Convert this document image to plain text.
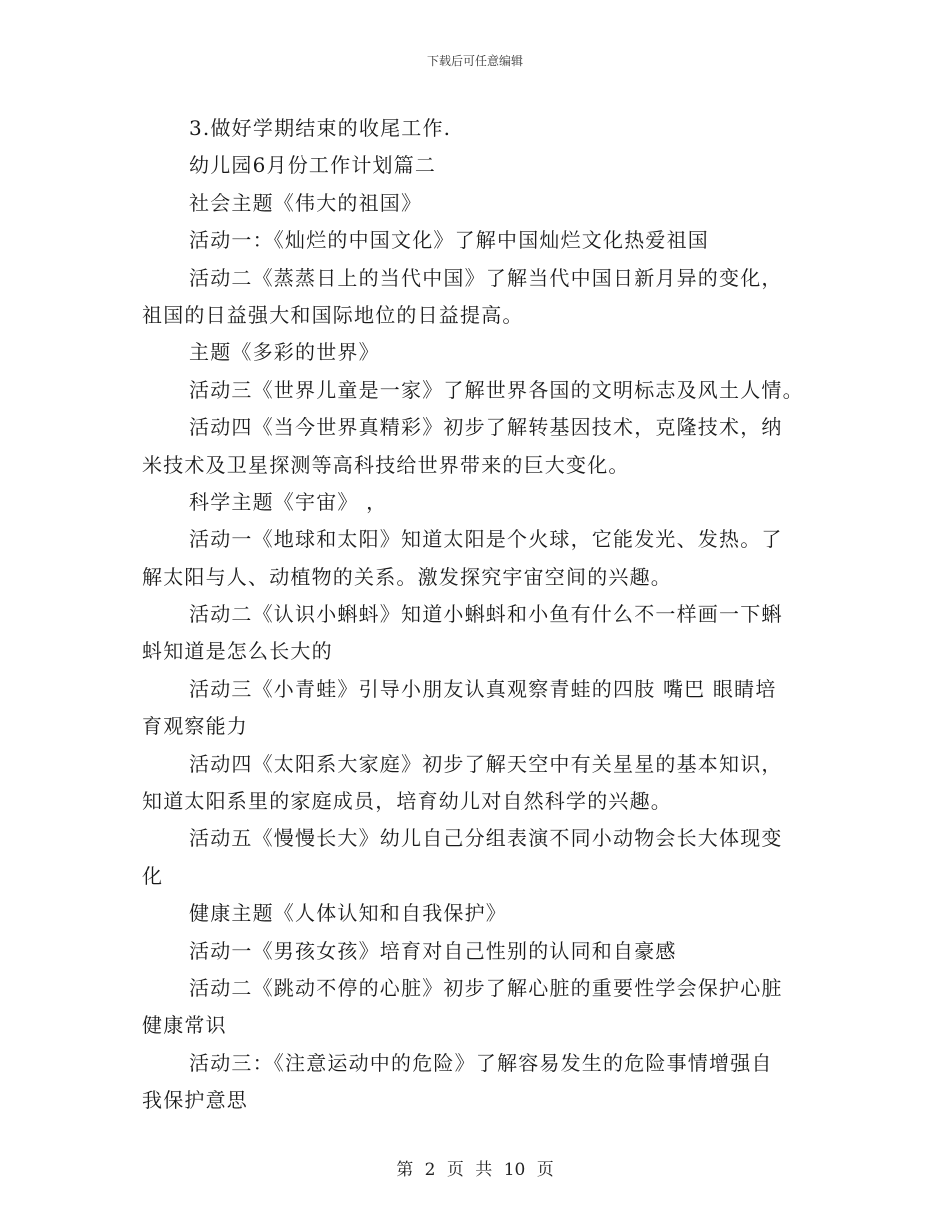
下载后可任意编辑
3.做好学期结束的收尾工作.
幼儿园6月份工作计划篇二
社会主题《伟大的祖国》
活动一：《灿烂的中国文化》了解中国灿烂文化热爱祖国
活动二《蒸蒸日上的当代中国》了解当代中国日新月异的变化，
祖国的日益强大和国际地位的日益提高。
主题《多彩的世界》
活动三《世界儿童是一家》了解世界各国的文明标志及风土人情。
活动四《当今世界真精彩》初步了解转基因技术，克隆技术，纳
米技术及卫星探测等高科技给世界带来的巨大变化。
科学主题《宇宙》 ，
活动一《地球和太阳》知道太阳是个火球，它能发光、发热。了
解太阳与人、动植物的关系。激发探究宇宙空间的兴趣。
活动二《认识小蝌蚪》知道小蝌蚪和小鱼有什么不一样画一下蝌
蚪知道是怎么长大的
活动三《小青蛙》引导小朋友认真观察青蛙的四肢 嘴巴 眼睛培
育观察能力
活动四《太阳系大家庭》初步了解天空中有关星星的基本知识，
知道太阳系里的家庭成员，培育幼儿对自然科学的兴趣。
活动五《慢慢长大》幼儿自己分组表演不同小动物会长大体现变
化
健康主题《人体认知和自我保护》
活动一《男孩女孩》培育对自己性别的认同和自豪感
活动二《跳动不停的心脏》初步了解心脏的重要性学会保护心脏
健康常识
活动三：《注意运动中的危险》了解容易发生的危险事情增强自
我保护意思
第 2 页 共 10 页
